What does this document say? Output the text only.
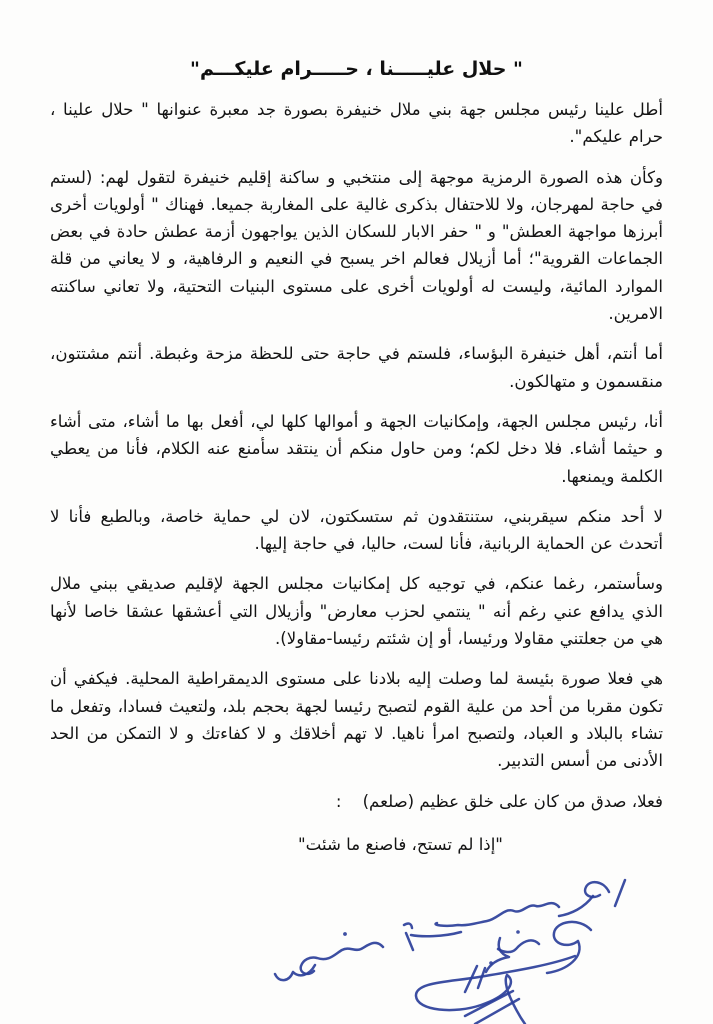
" حلال عليـــــنا ، حـــــرام عليكـــم"

أطل علينا رئيس مجلس جهة بني ملال خنيفرة بصورة جد معبرة عنوانها " حلال علينا ، حرام عليكم".

وكأن هذه الصورة الرمزية موجهة إلى منتخبي و ساكنة إقليم خنيفرة لتقول لهم: (لستم في حاجة لمهرجان، ولا للاحتفال بذكرى غالية على المغاربة جميعا. فهناك " أولويات أخرى أبرزها مواجهة العطش" و " حفر الابار للسكان الذين يواجهون أزمة عطش حادة في بعض الجماعات القروية"؛ أما أزيلال فعالم اخر يسبح في النعيم و الرفاهية، و لا يعاني من قلة الموارد المائية، وليست له أولويات أخرى على مستوى البنيات التحتية، ولا تعاني ساكنته الامرين.

أما أنتم، أهل خنيفرة البؤساء، فلستم في حاجة حتى للحظة مزحة وغبطة. أنتم مشتتون، منقسمون و متهالكون.

أنا، رئيس مجلس الجهة، وإمكانيات الجهة و أموالها كلها لي، أفعل بها ما أشاء، متى أشاء و حيثما أشاء. فلا دخل لكم؛ ومن حاول منكم أن ينتقد سأمنع عنه الكلام، فأنا من يعطي الكلمة ويمنعها.

لا أحد منكم سيقربني، ستنتقدون ثم ستسكتون، لان لي حماية خاصة، وبالطبع فأنا لا أتحدث عن الحماية الربانية، فأنا لست، حاليا، في حاجة إليها.

وسأستمر، رغما عنكم، في توجيه كل إمكانيات مجلس الجهة لإقليم صديقي ببني ملال الذي يدافع عني رغم أنه " ينتمي لحزب معارض" وأزيلال التي أعشقها عشقا خاصا لأنها هي من جعلتني مقاولا ورئيسا، أو إن شئتم رئيسا-مقاولا).

هي فعلا صورة بئيسة لما وصلت إليه بلادنا على مستوى الديمقراطية المحلية. فيكفي أن تكون مقربا من أحد من علية القوم لتصبح رئيسا لجهة بحجم بلد، ولتعيث فسادا، وتفعل ما تشاء بالبلاد و العباد، ولتصبح امرأ ناهيا. لا تهم أخلاقك و لا كفاءتك و لا التمكن من الحد الأدنى من أسس التدبير.

فعلا، صدق من كان على خلق عظيم (صلعم)    :

"إذا لم تستح، فاصنع ما شئت"
